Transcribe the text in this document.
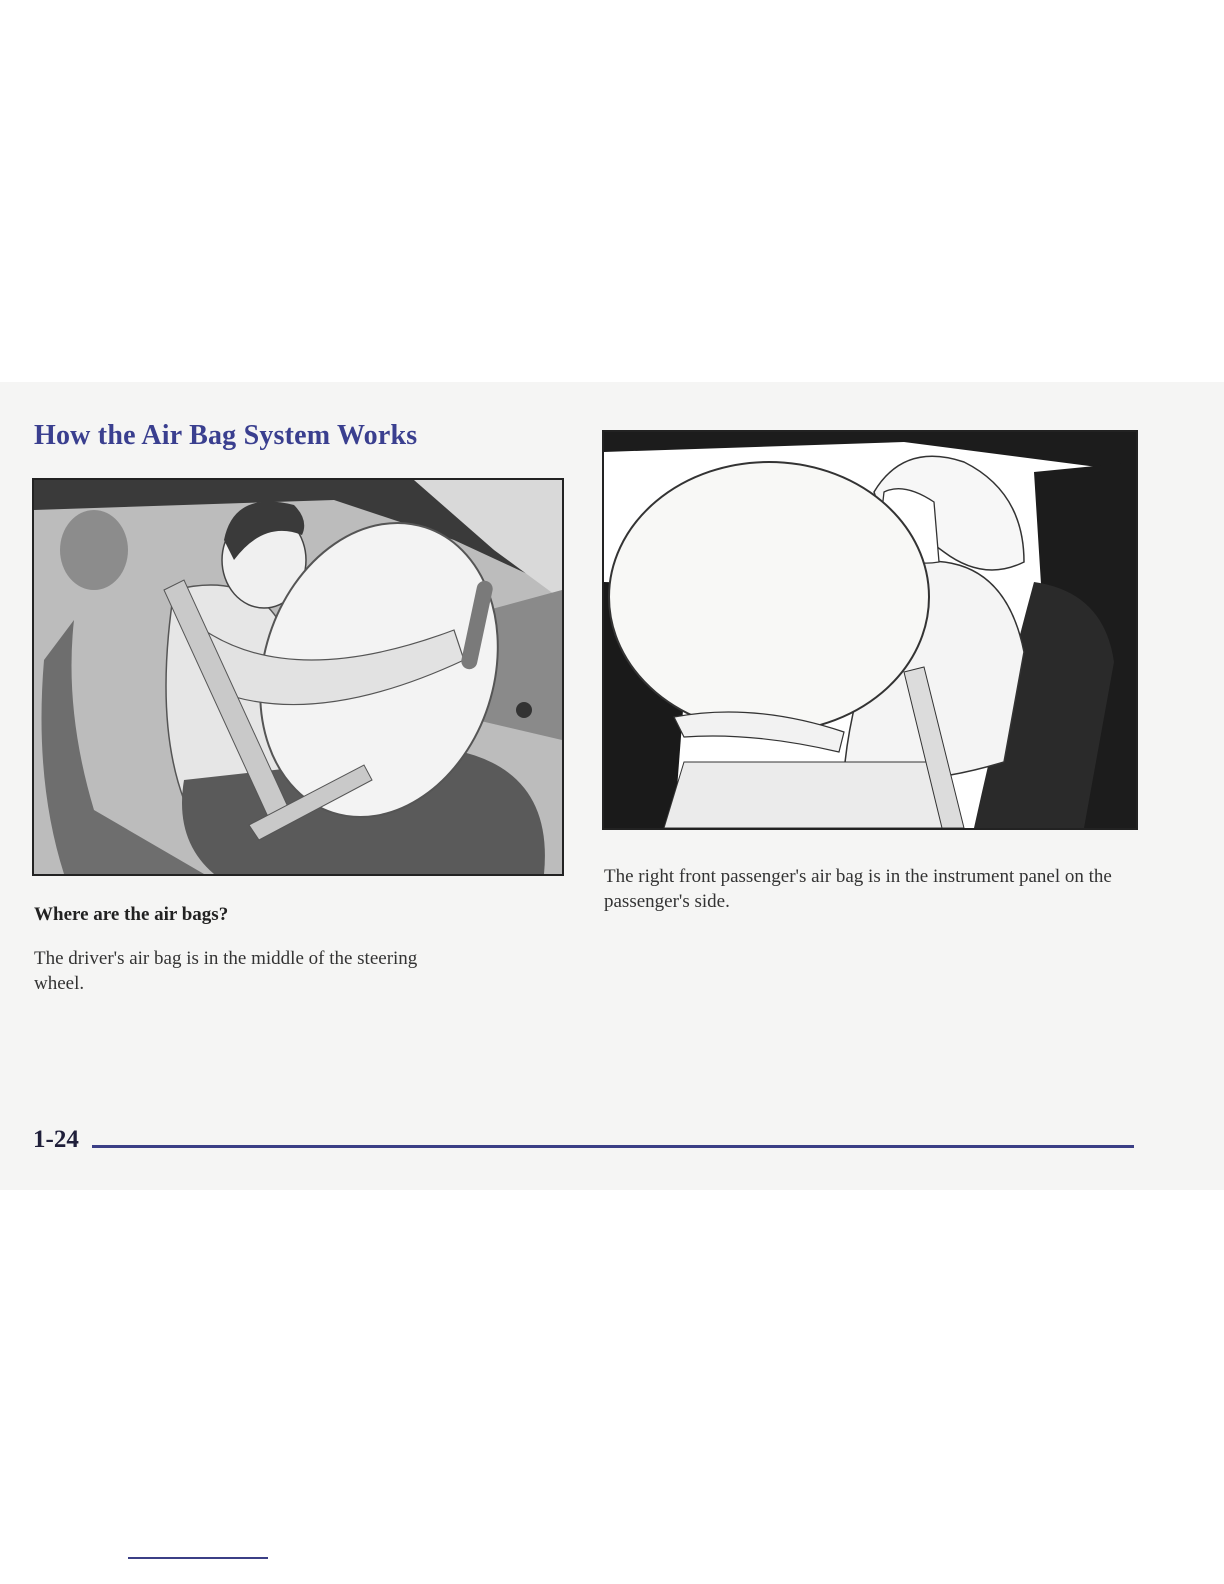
How the Air Bag System Works
Where are the air bags?

The driver's air bag is in the middle of the steering wheel.

The right front passenger's air bag is in the instrument panel on the passenger's side.

1-24
